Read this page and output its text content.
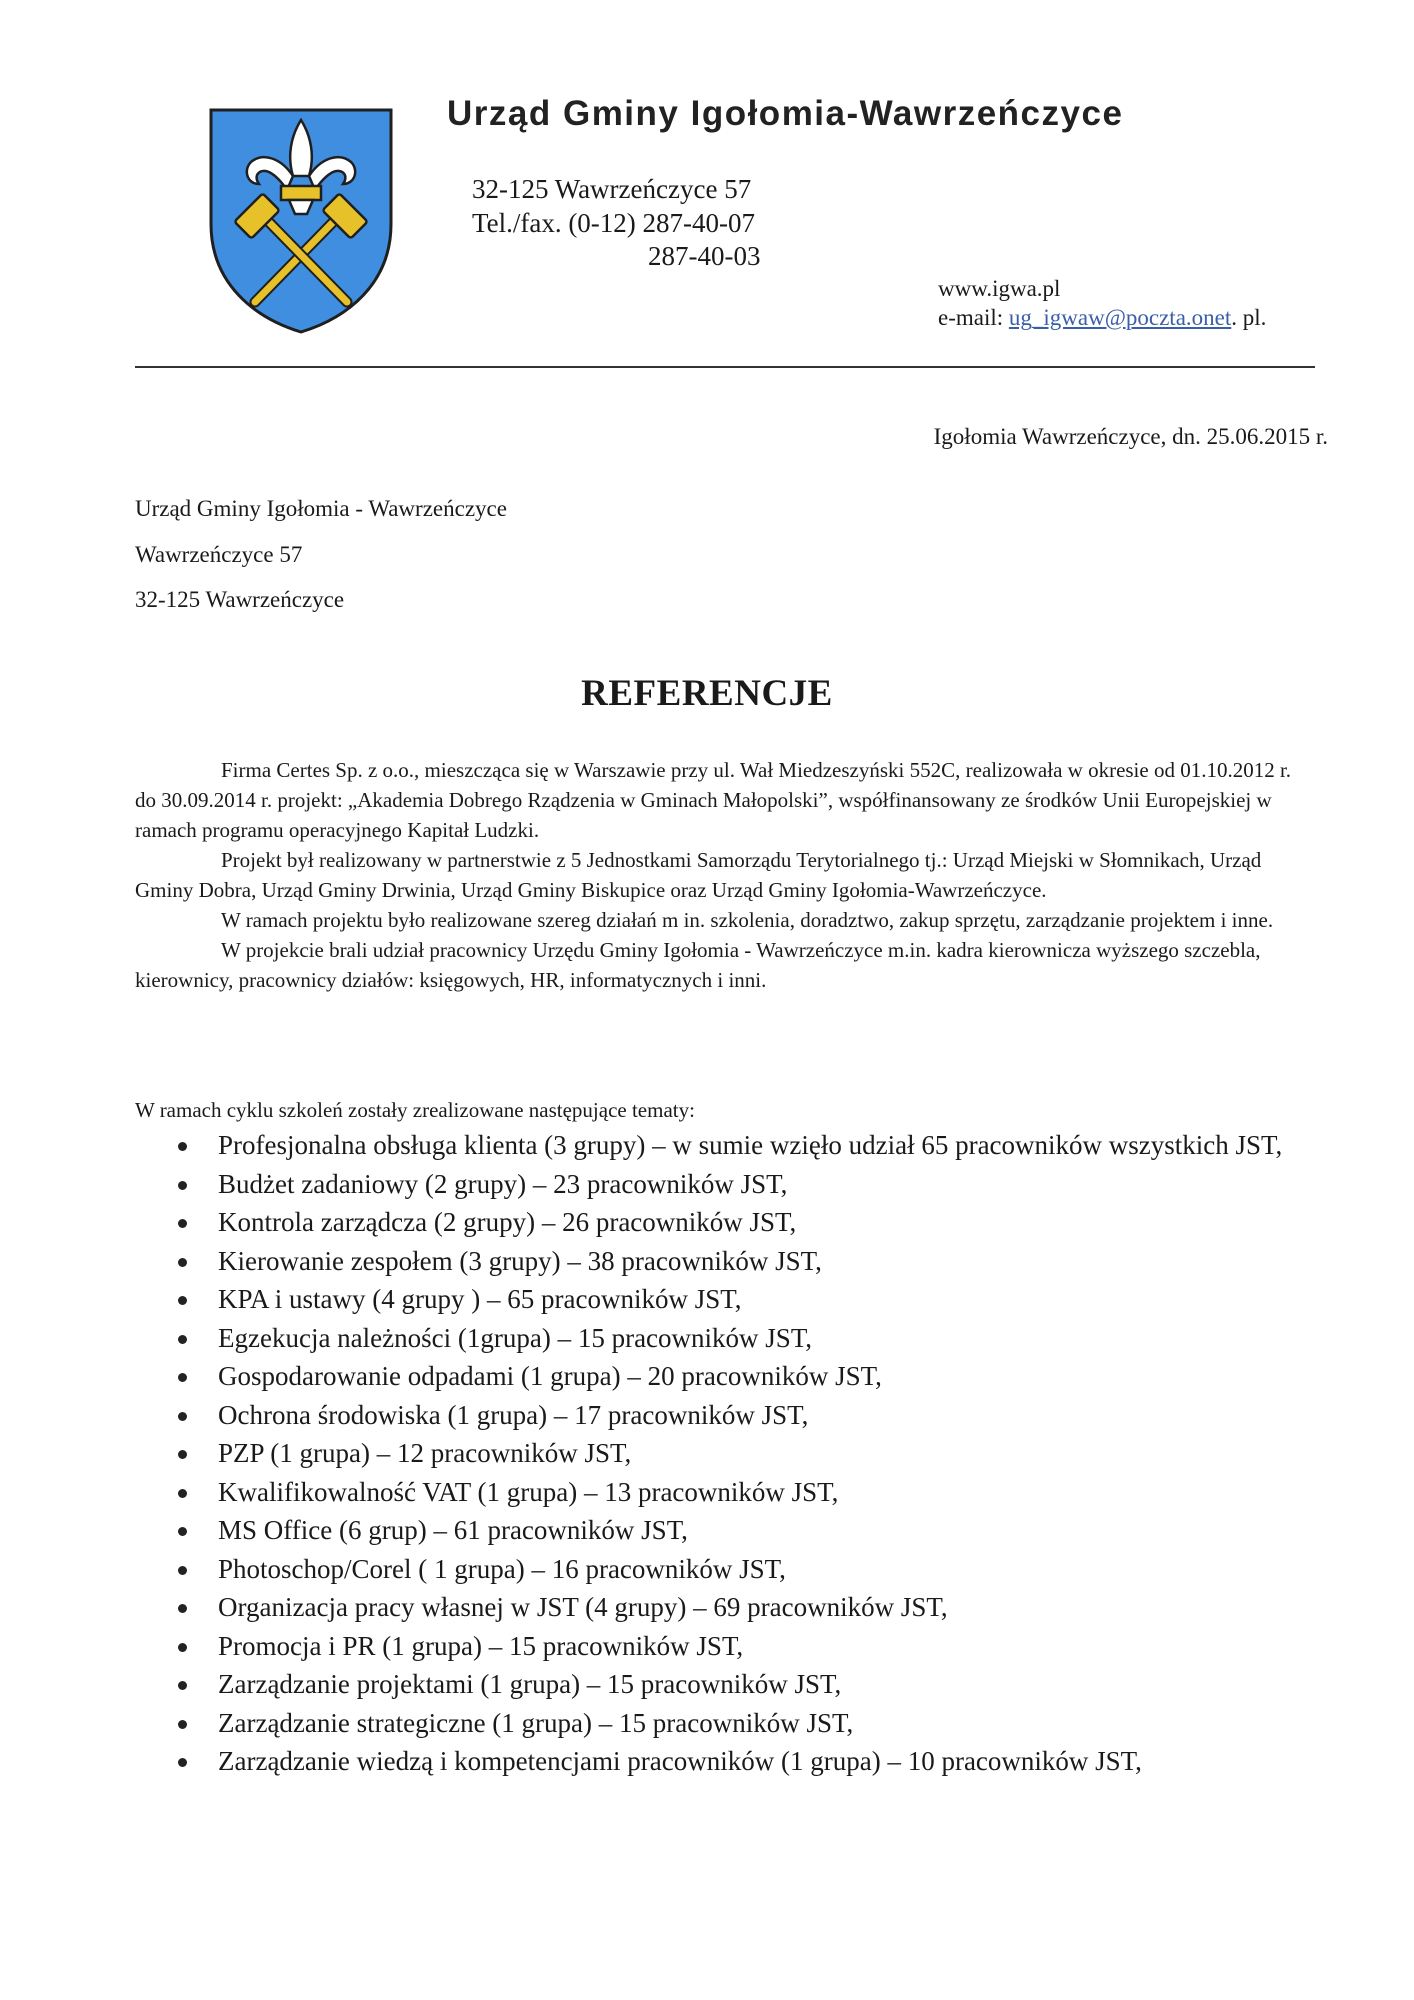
Urząd Gminy Igołomia-Wawrzeńczyce
32-125 Wawrzeńczyce 57
Tel./fax. (0-12) 287-40-07
287-40-03
www.igwa.pl
e-mail: ug_igwaw@poczta.onet. pl.
Igołomia Wawrzeńczyce, dn. 25.06.2015 r.
Urząd Gminy Igołomia - Wawrzeńczyce
Wawrzeńczyce 57
32-125 Wawrzeńczyce
REFERENCJE

Firma Certes Sp. z o.o., mieszcząca się w Warszawie przy ul. Wał Miedzeszyński 552C, realizowała w okresie od 01.10.2012 r. do 30.09.2014 r. projekt: „Akademia Dobrego Rządzenia w Gminach Małopolski”, współfinansowany ze środków Unii Europejskiej w ramach programu operacyjnego Kapitał Ludzki.

Projekt był realizowany w partnerstwie z 5 Jednostkami Samorządu Terytorialnego tj.: Urząd Miejski w Słomnikach, Urząd Gminy Dobra, Urząd Gminy Drwinia, Urząd Gminy Biskupice oraz Urząd Gminy Igołomia-Wawrzeńczyce.

W ramach projektu było realizowane szereg działań m in. szkolenia, doradztwo, zakup sprzętu, zarządzanie projektem i inne.

W projekcie brali udział pracownicy Urzędu Gminy Igołomia - Wawrzeńczyce m.in. kadra kierownicza wyższego szczebla, kierownicy, pracownicy działów: księgowych, HR, informatycznych i inni.

W ramach cyklu szkoleń zostały zrealizowane następujące tematy:
Profesjonalna obsługa klienta (3 grupy) – w sumie wzięło udział 65 pracowników wszystkich JST,
Budżet zadaniowy (2 grupy) – 23 pracowników JST,
Kontrola zarządcza (2 grupy) – 26 pracowników JST,
Kierowanie zespołem (3 grupy) – 38 pracowników JST,
KPA i ustawy (4 grupy ) – 65 pracowników JST,
Egzekucja należności (1grupa) – 15 pracowników JST,
Gospodarowanie odpadami (1 grupa) – 20 pracowników JST,
Ochrona środowiska (1 grupa) – 17 pracowników JST,
PZP (1 grupa) – 12 pracowników JST,
Kwalifikowalność VAT (1 grupa) – 13 pracowników JST,
MS Office (6 grup) – 61 pracowników JST,
Photoschop/Corel ( 1 grupa) – 16 pracowników JST,
Organizacja pracy własnej w JST (4 grupy) – 69 pracowników JST,
Promocja i PR (1 grupa) – 15 pracowników JST,
Zarządzanie projektami (1 grupa) – 15 pracowników JST,
Zarządzanie strategiczne (1 grupa) – 15 pracowników JST,
Zarządzanie wiedzą i kompetencjami pracowników (1 grupa) – 10 pracowników JST,
